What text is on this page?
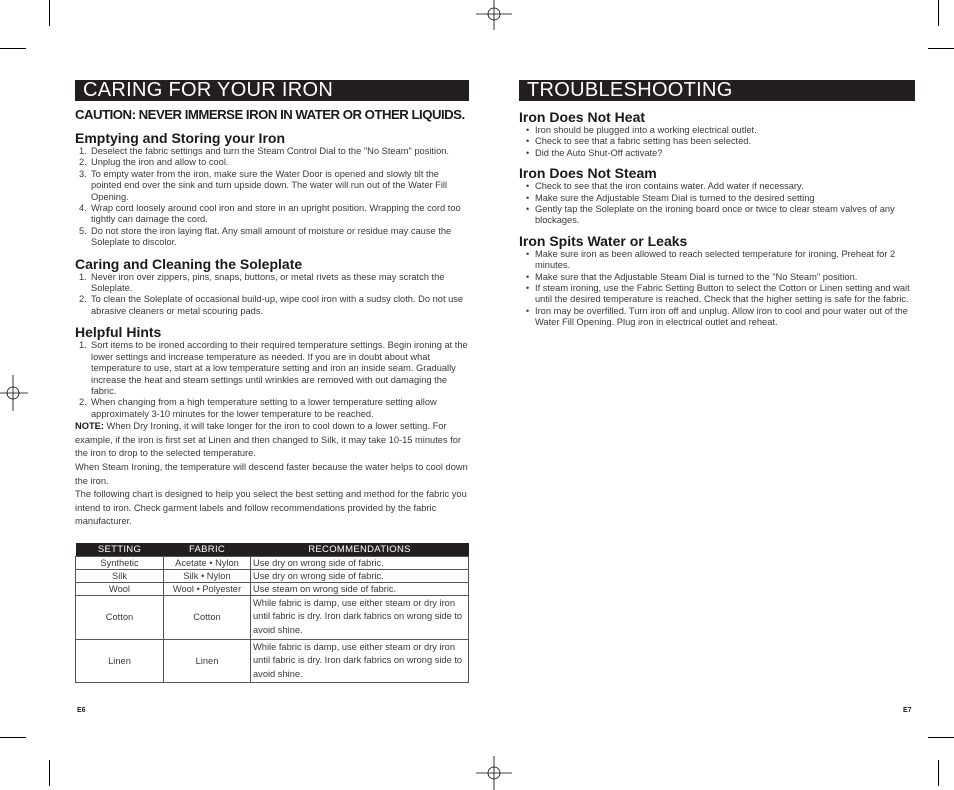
CARING FOR YOUR IRON
CAUTION: NEVER IMMERSE IRON IN WATER OR OTHER LIQUIDS.
Emptying and Storing your Iron
1. Deselect the fabric settings and turn the Steam Control Dial to the "No Steam" position.
2. Unplug the iron and allow to cool.
3. To empty water from the iron, make sure the Water Door is opened and slowly tilt the pointed end over the sink and turn upside down. The water will run out of the Water Fill Opening.
4. Wrap cord loosely around cool iron and store in an upright position. Wrapping the cord too tightly can damage the cord.
5. Do not store the iron laying flat. Any small amount of moisture or residue may cause the Soleplate to discolor.
Caring and Cleaning the Soleplate
1. Never iron over zippers, pins, snaps, buttons, or metal rivets as these may scratch the Soleplate.
2. To clean the Soleplate of occasional build-up, wipe cool iron with a sudsy cloth. Do not use abrasive cleaners or metal scouring pads.
Helpful Hints
1. Sort items to be ironed according to their required temperature settings. Begin ironing at the lower settings and increase temperature as needed. If you are in doubt about what temperature to use, start at a low temperature setting and iron an inside seam. Gradually increase the heat and steam settings until wrinkles are removed with out damaging the fabric.
2. When changing from a high temperature setting to a lower temperature setting allow approximately 3-10 minutes for the lower temperature to be reached.

NOTE: When Dry Ironing, it will take longer for the iron to cool down to a lower setting. For example, if the iron is first set at Linen and then changed to Silk, it may take 10-15 minutes for the iron to drop to the selected temperature.

When Steam Ironing, the temperature will descend faster because the water helps to cool down the iron.

The following chart is designed to help you select the best setting and method for the fabric you intend to iron. Check garment labels and follow recommendations provided by the fabric manufacturer.

SETTING	FABRIC	RECOMMENDATIONS
Synthetic	Acetate • Nylon	Use dry on wrong side of fabric.
Silk	Silk • Nylon	Use dry on wrong side of fabric.
Wool	Wool • Polyester	Use steam on wrong side of fabric.
Cotton	Cotton	While fabric is damp, use either steam or dry iron until fabric is dry. Iron dark fabrics on wrong side to avoid shine.
Linen	Linen	While fabric is damp, use either steam or dry iron until fabric is dry. Iron dark fabrics on wrong side to avoid shine.
E6
TROUBLESHOOTING
Iron Does Not Heat
• Iron should be plugged into a working electrical outlet.
• Check to see that a fabric setting has been selected.
• Did the Auto Shut-Off activate?
Iron Does Not Steam
• Check to see that the iron contains water. Add water if necessary.
• Make sure the Adjustable Steam Dial is turned to the desired setting
• Gently tap the Soleplate on the ironing board once or twice to clear steam valves of any blockages.
Iron Spits Water or Leaks
• Make sure iron as been allowed to reach selected temperature for ironing. Preheat for 2 minutes.
• Make sure that the Adjustable Steam Dial is turned to the "No Steam" position.
• If steam ironing, use the Fabric Setting Button to select the Cotton or Linen setting and wait until the desired temperature is reached. Check that the higher setting is safe for the fabric.
• Iron may be overfilled. Turn iron off and unplug. Allow iron to cool and pour water out of the Water Fill Opening. Plug iron in electrical outlet and reheat.
E7
